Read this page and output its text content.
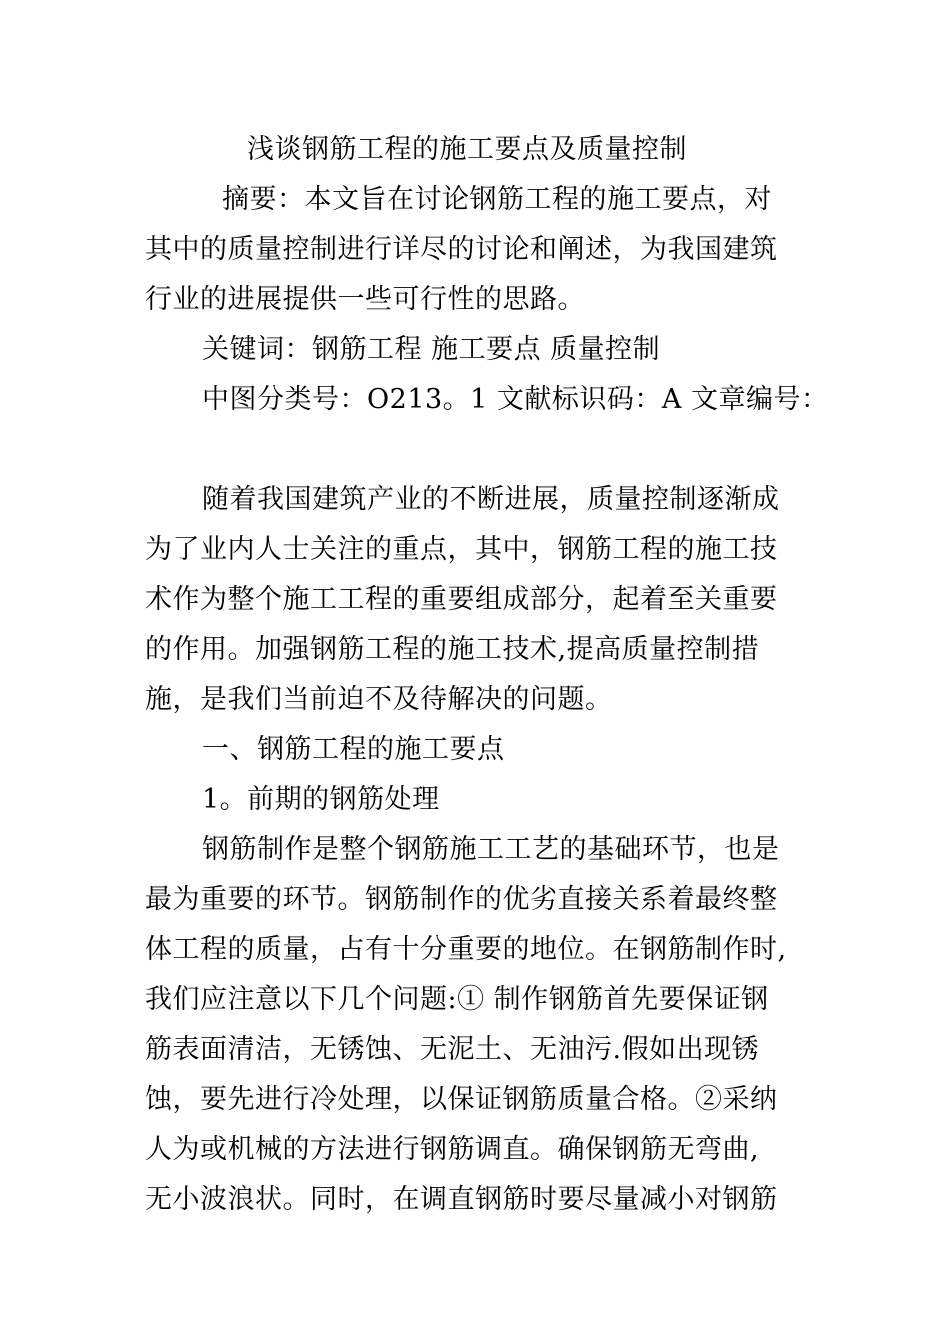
浅谈钢筋工程的施工要点及质量控制
摘要：本文旨在讨论钢筋工程的施工要点，对
其中的质量控制进行详尽的讨论和阐述，为我国建筑
行业的进展提供一些可行性的思路。
关键词：钢筋工程 施工要点 质量控制
中图分类号：O213。1 文献标识码：A 文章编号：
随着我国建筑产业的不断进展，质量控制逐渐成
为了业内人士关注的重点，其中，钢筋工程的施工技
术作为整个施工工程的重要组成部分，起着至关重要
的作用。加强钢筋工程的施工技术,提高质量控制措
施，是我们当前迫不及待解决的问题。
一、钢筋工程的施工要点
1。前期的钢筋处理
钢筋制作是整个钢筋施工工艺的基础环节，也是
最为重要的环节。钢筋制作的优劣直接关系着最终整
体工程的质量，占有十分重要的地位。在钢筋制作时,
我们应注意以下几个问题:① 制作钢筋首先要保证钢
筋表面清洁，无锈蚀、无泥土、无油污.假如出现锈
蚀，要先进行冷处理，以保证钢筋质量合格。②采纳
人为或机械的方法进行钢筋调直。确保钢筋无弯曲,
无小波浪状。同时，在调直钢筋时要尽量减小对钢筋
